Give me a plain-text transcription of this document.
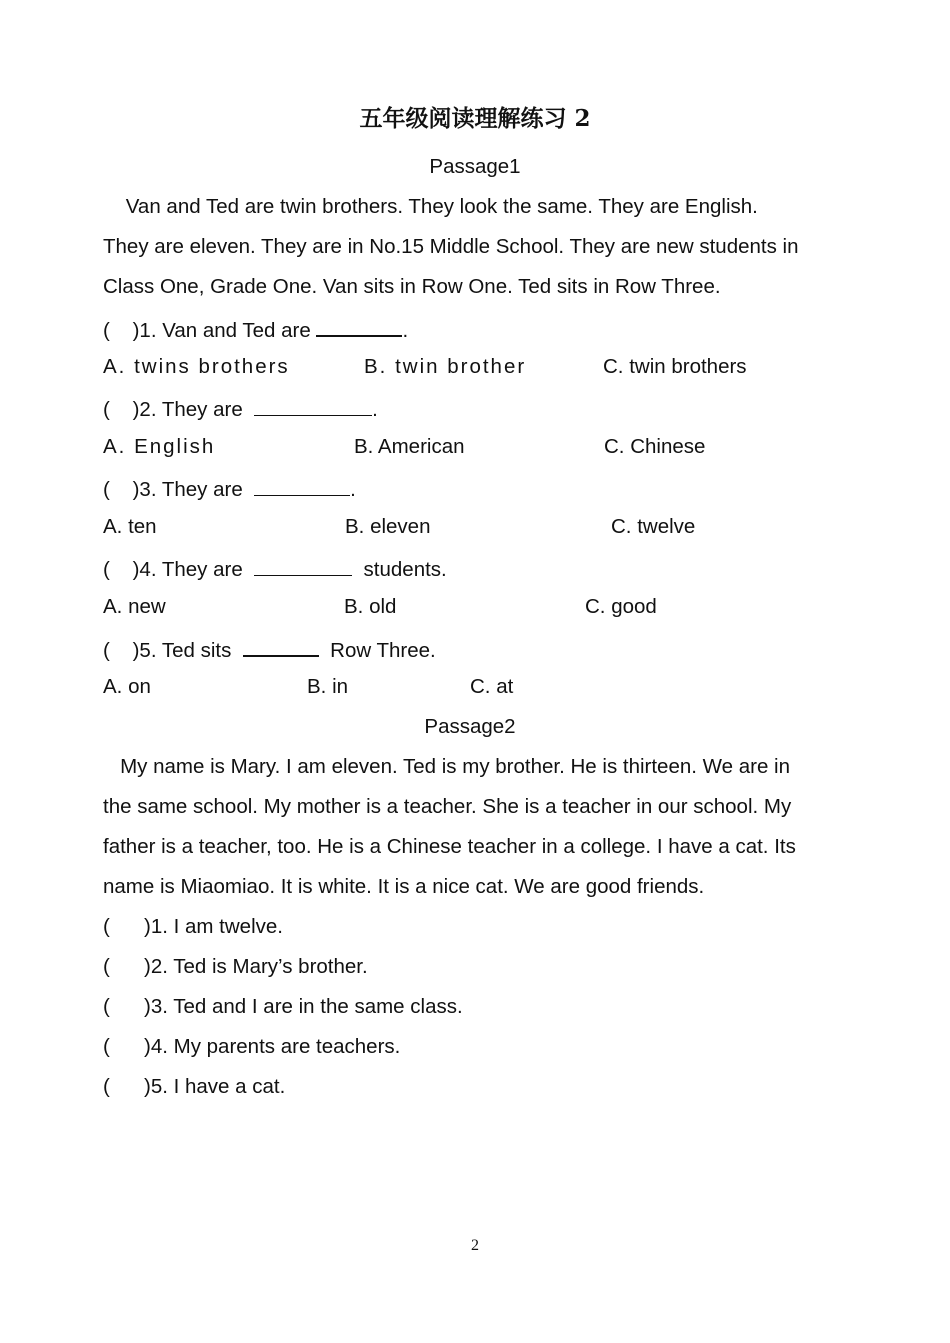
五年级阅读理解练习 2
Passage1
Van and Ted are twin brothers. They look the same. They are English.
They are eleven. They are in No.15 Middle School. They are new students in
Class One, Grade One. Van sits in Row One. Ted sits in Row Three.
(    )1. Van and Ted are	.
A. twins brothers	B. twin brother	C. twin brothers
(    )2. They are	.
A. English	B. American	C. Chinese
(    )3. They are	.
A. ten	B. eleven	C. twelve
(    )4. They are	students.
A. new	B. old	C. good
(    )5. Ted sits	Row Three.
A. on	B. in	C. at
Passage2
My name is Mary. I am eleven. Ted is my brother. He is thirteen. We are in
the same school. My mother is a teacher. She is a teacher in our school. My
father is a teacher, too. He is a Chinese teacher in a college. I have a cat. Its
name is Miaomiao. It is white. It is a nice cat. We are good friends.
(      )1. I am twelve.
(      )2. Ted is Mary’s brother.
(      )3. Ted and I are in the same class.
(      )4. My parents are teachers.
(      )5. I have a cat.
2
